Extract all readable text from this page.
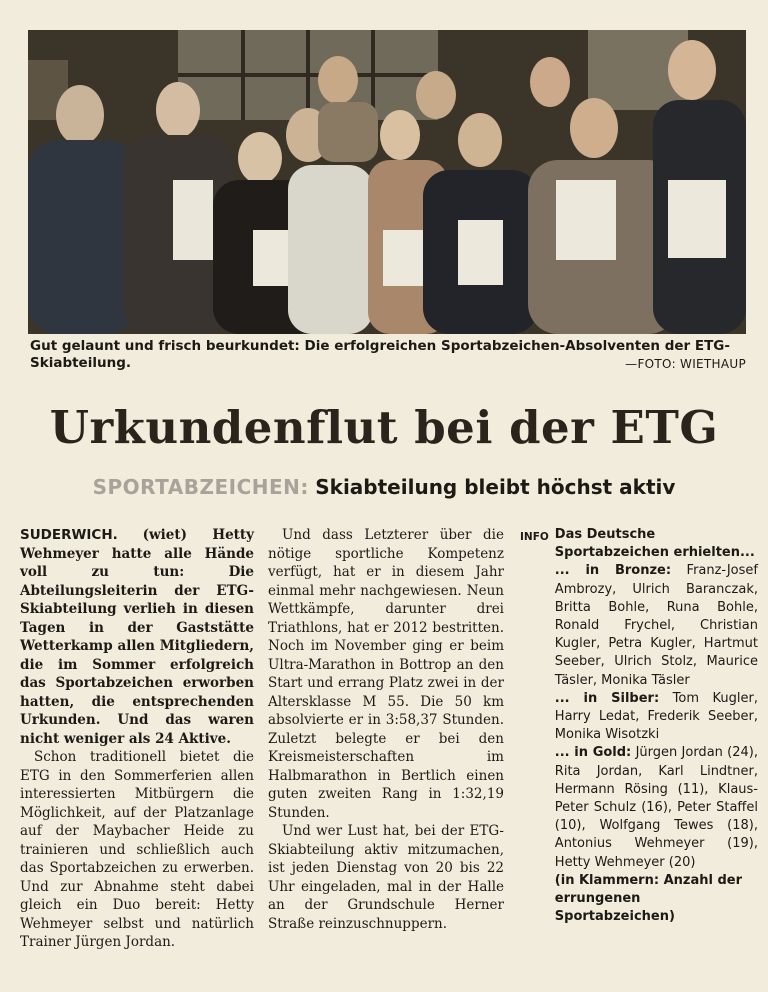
Gut gelaunt und frisch beurkundet: Die erfolgreichen Sportabzeichen-Absolventen der ETG-Skiabteilung.	—FOTO: WIETHAUP
Urkundenflut bei der ETG
SPORTABZEICHEN: Skiabteilung bleibt höchst aktiv

SUDERWICH. (wiet) Hetty Wehmeyer hatte alle Hände voll zu tun: Die Abteilungsleiterin der ETG-Skiabteilung verlieh in diesen Tagen in der Gaststätte Wetterkamp allen Mitgliedern, die im Sommer erfolgreich das Sportabzeichen erworben hatten, die entsprechenden Urkunden. Und das waren nicht weniger als 24 Aktive.

Schon traditionell bietet die ETG in den Sommerferien allen interessierten Mitbürgern die Möglichkeit, auf der Platzanlage auf der Maybacher Heide zu trainieren und schließlich auch das Sportabzeichen zu erwerben. Und zur Abnahme steht dabei gleich ein Duo bereit: Hetty Wehmeyer selbst und natürlich Trainer Jürgen Jordan.

Und dass Letzterer über die nötige sportliche Kompetenz verfügt, hat er in diesem Jahr einmal mehr nachgewiesen. Neun Wettkämpfe, darunter drei Triathlons, hat er 2012 bestritten. Noch im November ging er beim Ultra-Marathon in Bottrop an den Start und errang Platz zwei in der Altersklasse M 55. Die 50 km absolvierte er in 3:58,37 Stunden. Zuletzt belegte er bei den Kreismeisterschaften im Halbmarathon in Bertlich einen guten zweiten Rang in 1:32,19 Stunden.

Und wer Lust hat, bei der ETG-Skiabteilung aktiv mitzumachen, ist jeden Dienstag von 20 bis 22 Uhr eingeladen, mal in der Halle an der Grundschule Herner Straße reinzuschnuppern.

INFO Das Deutsche Sportabzeichen erhielten...

... in Bronze: Franz-Josef Ambrozy, Ulrich Baranczak, Britta Bohle, Runa Bohle, Ronald Frychel, Christian Kugler, Petra Kugler, Hartmut Seeber, Ulrich Stolz, Maurice Täsler, Monika Täsler

... in Silber: Tom Kugler, Harry Ledat, Frederik Seeber, Monika Wisotzki

... in Gold: Jürgen Jordan (24), Rita Jordan, Karl Lindtner, Hermann Rösing (11), Klaus-Peter Schulz (16), Peter Staffel (10), Wolfgang Tewes (18), Antonius Wehmeyer (19), Hetty Wehmeyer (20)

(in Klammern: Anzahl der errungenen Sportabzeichen)
